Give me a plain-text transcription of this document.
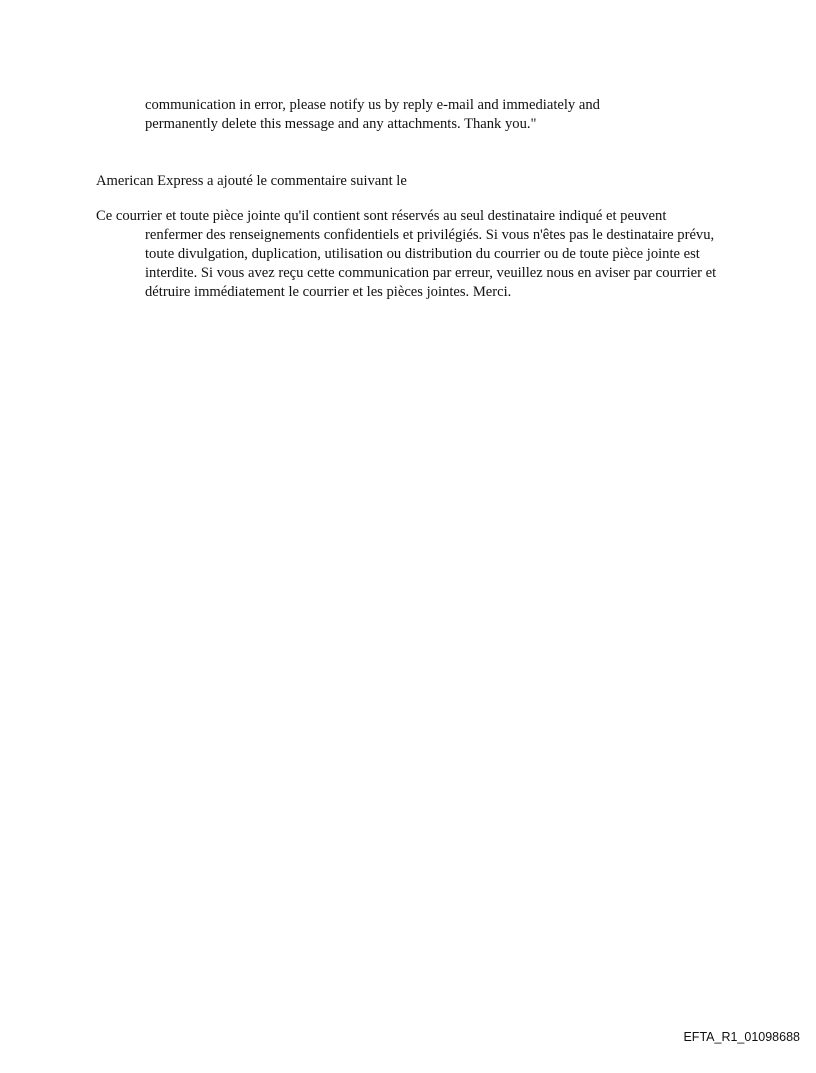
communication in error, please notify us by reply e-mail and immediately and
permanently delete this message and any attachments. Thank you."

American Express a ajouté le commentaire suivant le

Ce courrier et toute pièce jointe qu'il contient sont réservés au seul destinataire indiqué et peuvent renfermer des renseignements confidentiels et privilégiés. Si vous n'êtes pas le destinataire prévu, toute divulgation, duplication, utilisation ou distribution du courrier ou de toute pièce jointe est interdite. Si vous avez reçu cette communication par erreur, veuillez nous en aviser par courrier et détruire immédiatement le courrier et les pièces jointes. Merci.

EFTA_R1_01098688
